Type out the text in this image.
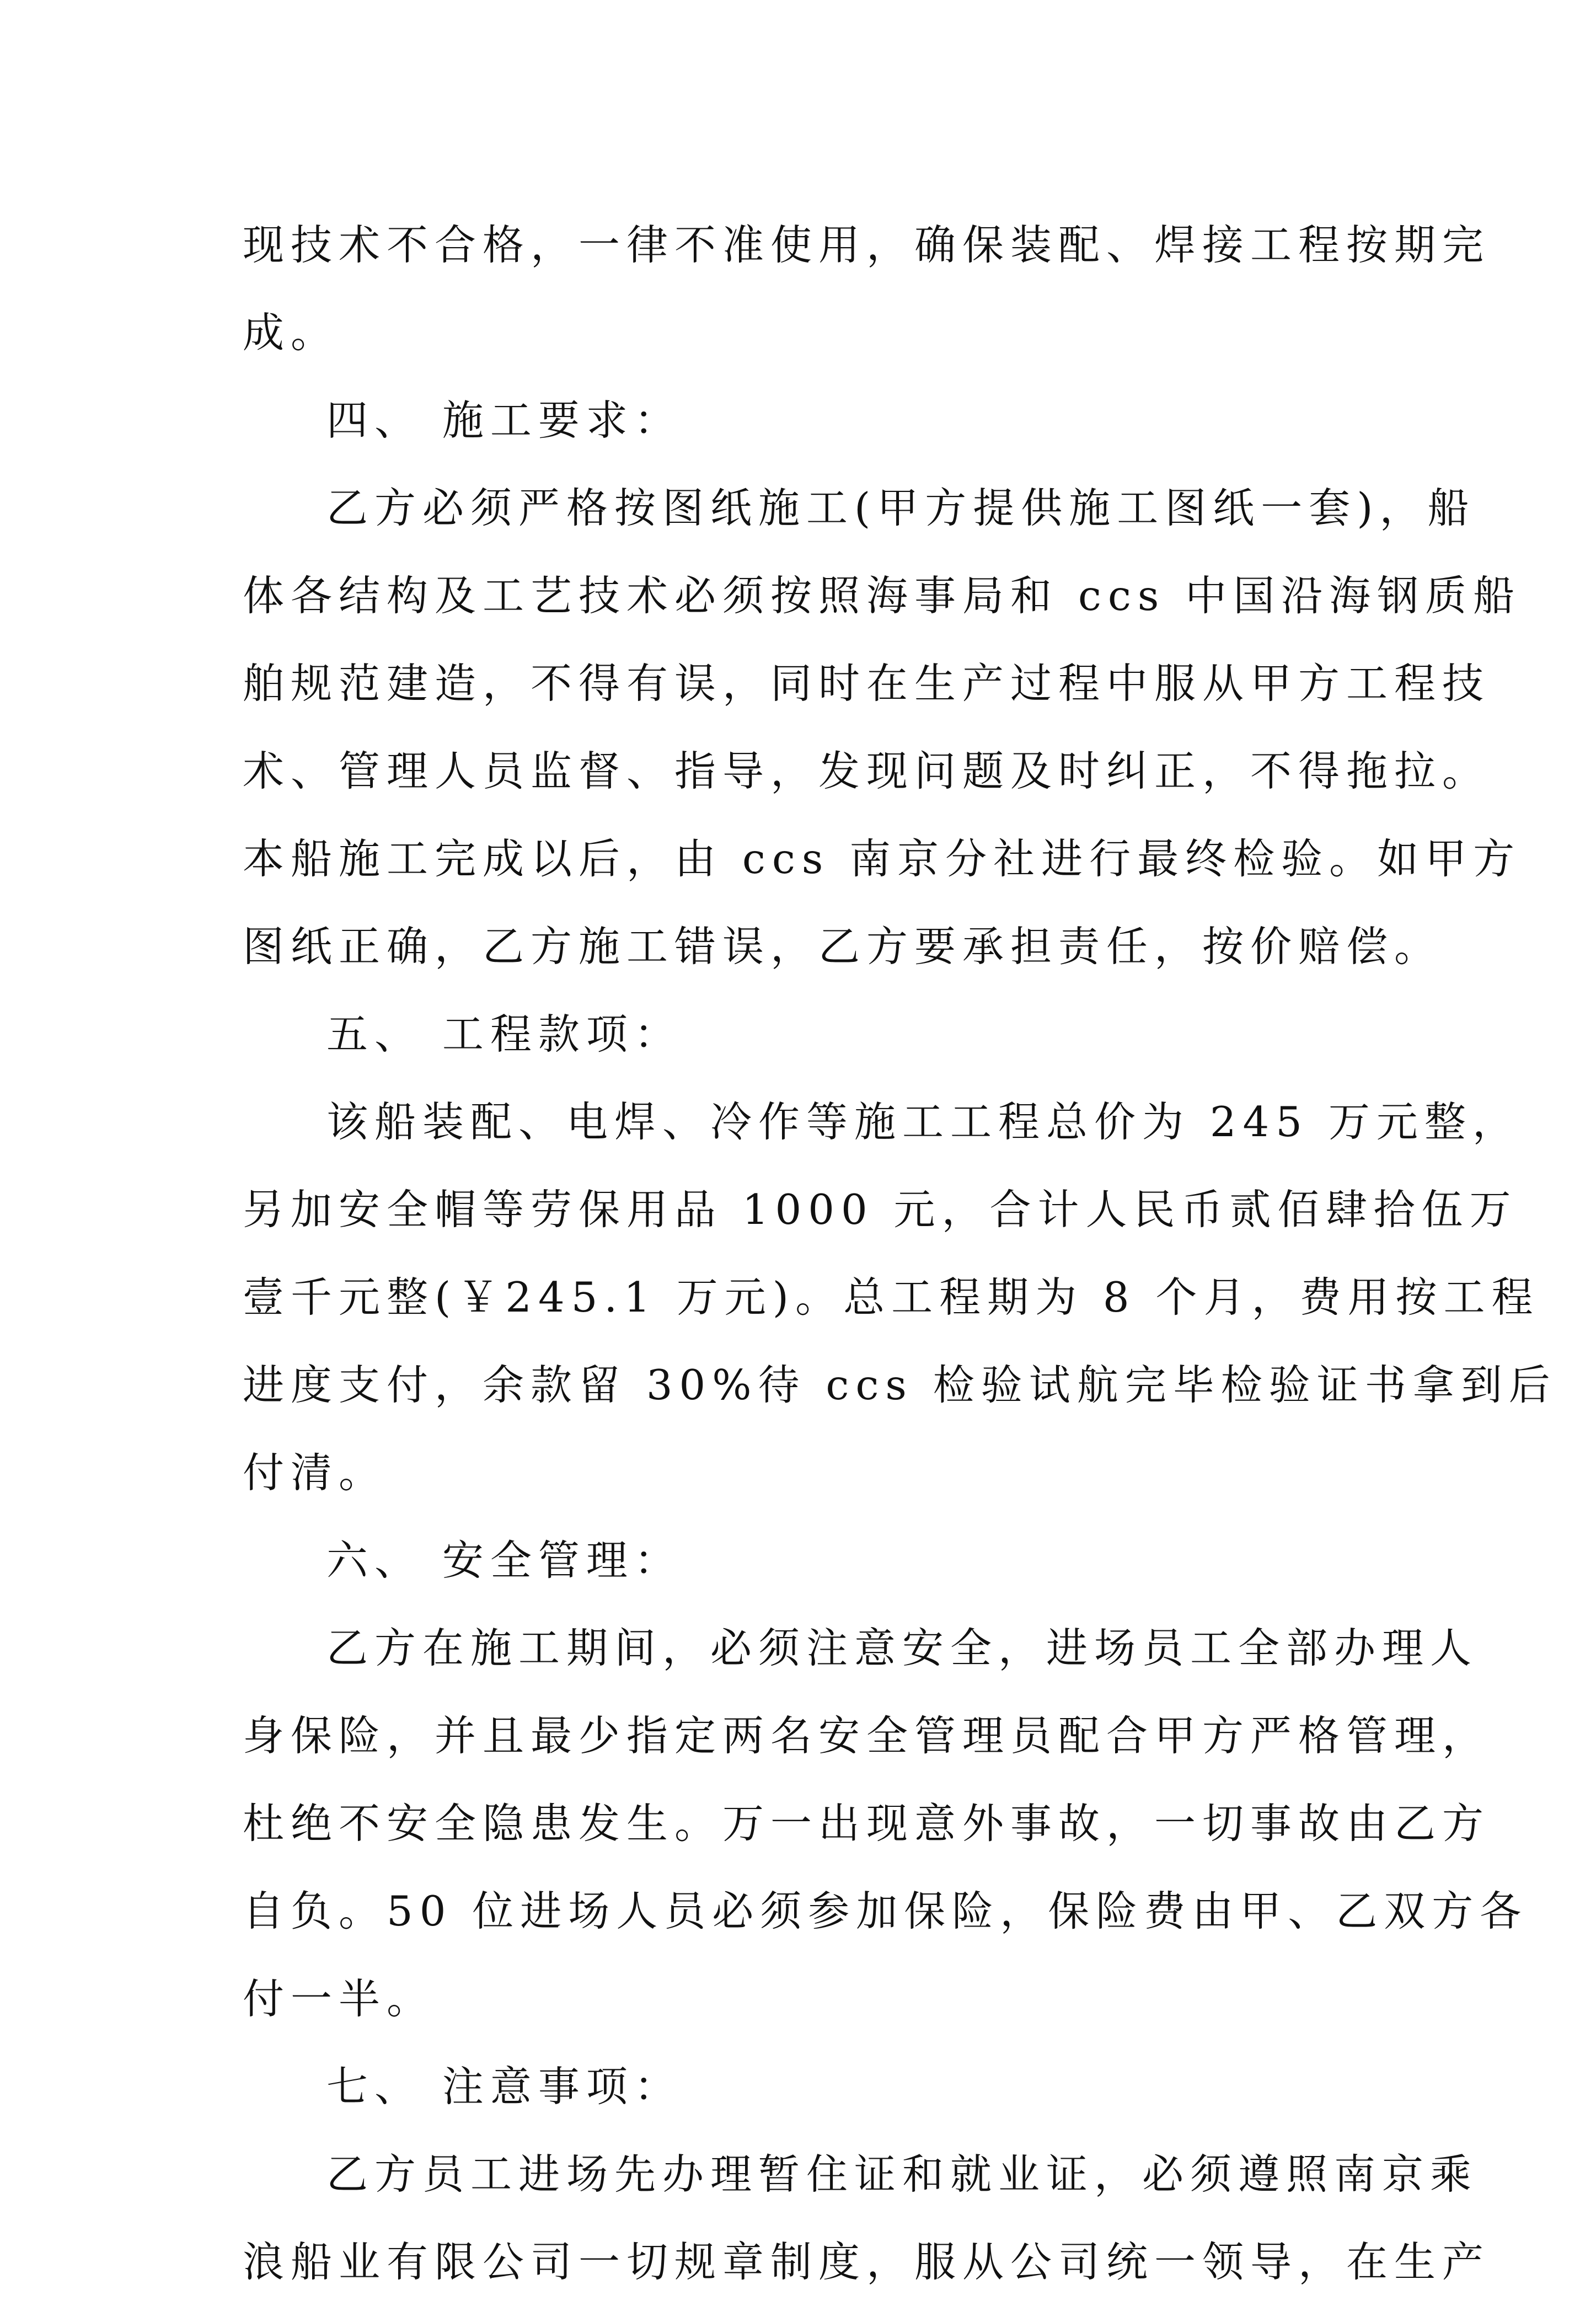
现技术不合格，一律不准使用，确保装配、焊接工程按期完
成。
四、 施工要求：
乙方必须严格按图纸施工(甲方提供施工图纸一套)，船
体各结构及工艺技术必须按照海事局和 ccs 中国沿海钢质船
舶规范建造，不得有误，同时在生产过程中服从甲方工程技
术、管理人员监督、指导，发现问题及时纠正，不得拖拉。
本船施工完成以后，由 ccs 南京分社进行最终检验。如甲方
图纸正确，乙方施工错误，乙方要承担责任，按价赔偿。
五、 工程款项：
该船装配、电焊、冷作等施工工程总价为 245 万元整，
另加安全帽等劳保用品 1000 元，合计人民币贰佰肆拾伍万
壹千元整(￥245.1 万元)。总工程期为 8 个月，费用按工程
进度支付，余款留 30%待 ccs 检验试航完毕检验证书拿到后
付清。
六、 安全管理：
乙方在施工期间，必须注意安全，进场员工全部办理人
身保险，并且最少指定两名安全管理员配合甲方严格管理，
杜绝不安全隐患发生。万一出现意外事故，一切事故由乙方
自负。50 位进场人员必须参加保险，保险费由甲、乙双方各
付一半。
七、 注意事项：
乙方员工进场先办理暂住证和就业证，必须遵照南京乘
浪船业有限公司一切规章制度，服从公司统一领导，在生产
